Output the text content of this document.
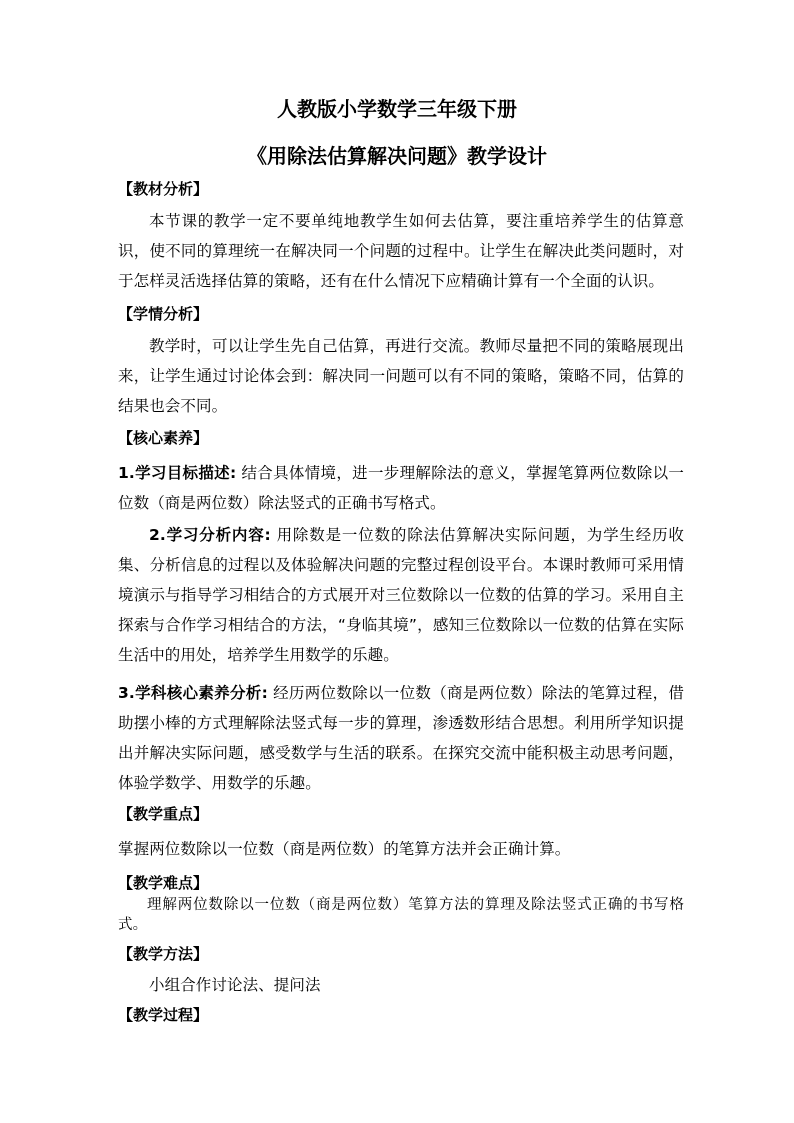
人教版小学数学三年级下册
《用除法估算解决问题》教学设计
【教材分析】
本节课的教学一定不要单纯地教学生如何去估算，要注重培养学生的估算意识，使不同的算理统一在解决同一个问题的过程中。让学生在解决此类问题时，对于怎样灵活选择估算的策略，还有在什么情况下应精确计算有一个全面的认识。
【学情分析】
教学时，可以让学生先自己估算，再进行交流。教师尽量把不同的策略展现出来，让学生通过讨论体会到：解决同一问题可以有不同的策略，策略不同，估算的结果也会不同。
【核心素养】
1.学习目标描述: 结合具体情境，进一步理解除法的意义，掌握笔算两位数除以一位数（商是两位数）除法竖式的正确书写格式。
2.学习分析内容: 用除数是一位数的除法估算解决实际问题，为学生经历收集、分析信息的过程以及体验解决问题的完整过程创设平台。本课时教师可采用情境演示与指导学习相结合的方式展开对三位数除以一位数的估算的学习。采用自主探索与合作学习相结合的方法，“身临其境”，感知三位数除以一位数的估算在实际生活中的用处，培养学生用数学的乐趣。
3.学科核心素养分析: 经历两位数除以一位数（商是两位数）除法的笔算过程，借助摆小棒的方式理解除法竖式每一步的算理，渗透数形结合思想。利用所学知识提出并解决实际问题，感受数学与生活的联系。在探究交流中能积极主动思考问题，体验学数学、用数学的乐趣。
【教学重点】
掌握两位数除以一位数（商是两位数）的笔算方法并会正确计算。
【教学难点】
理解两位数除以一位数（商是两位数）笔算方法的算理及除法竖式正确的书写格式。
【教学方法】
小组合作讨论法、提问法
【教学过程】
